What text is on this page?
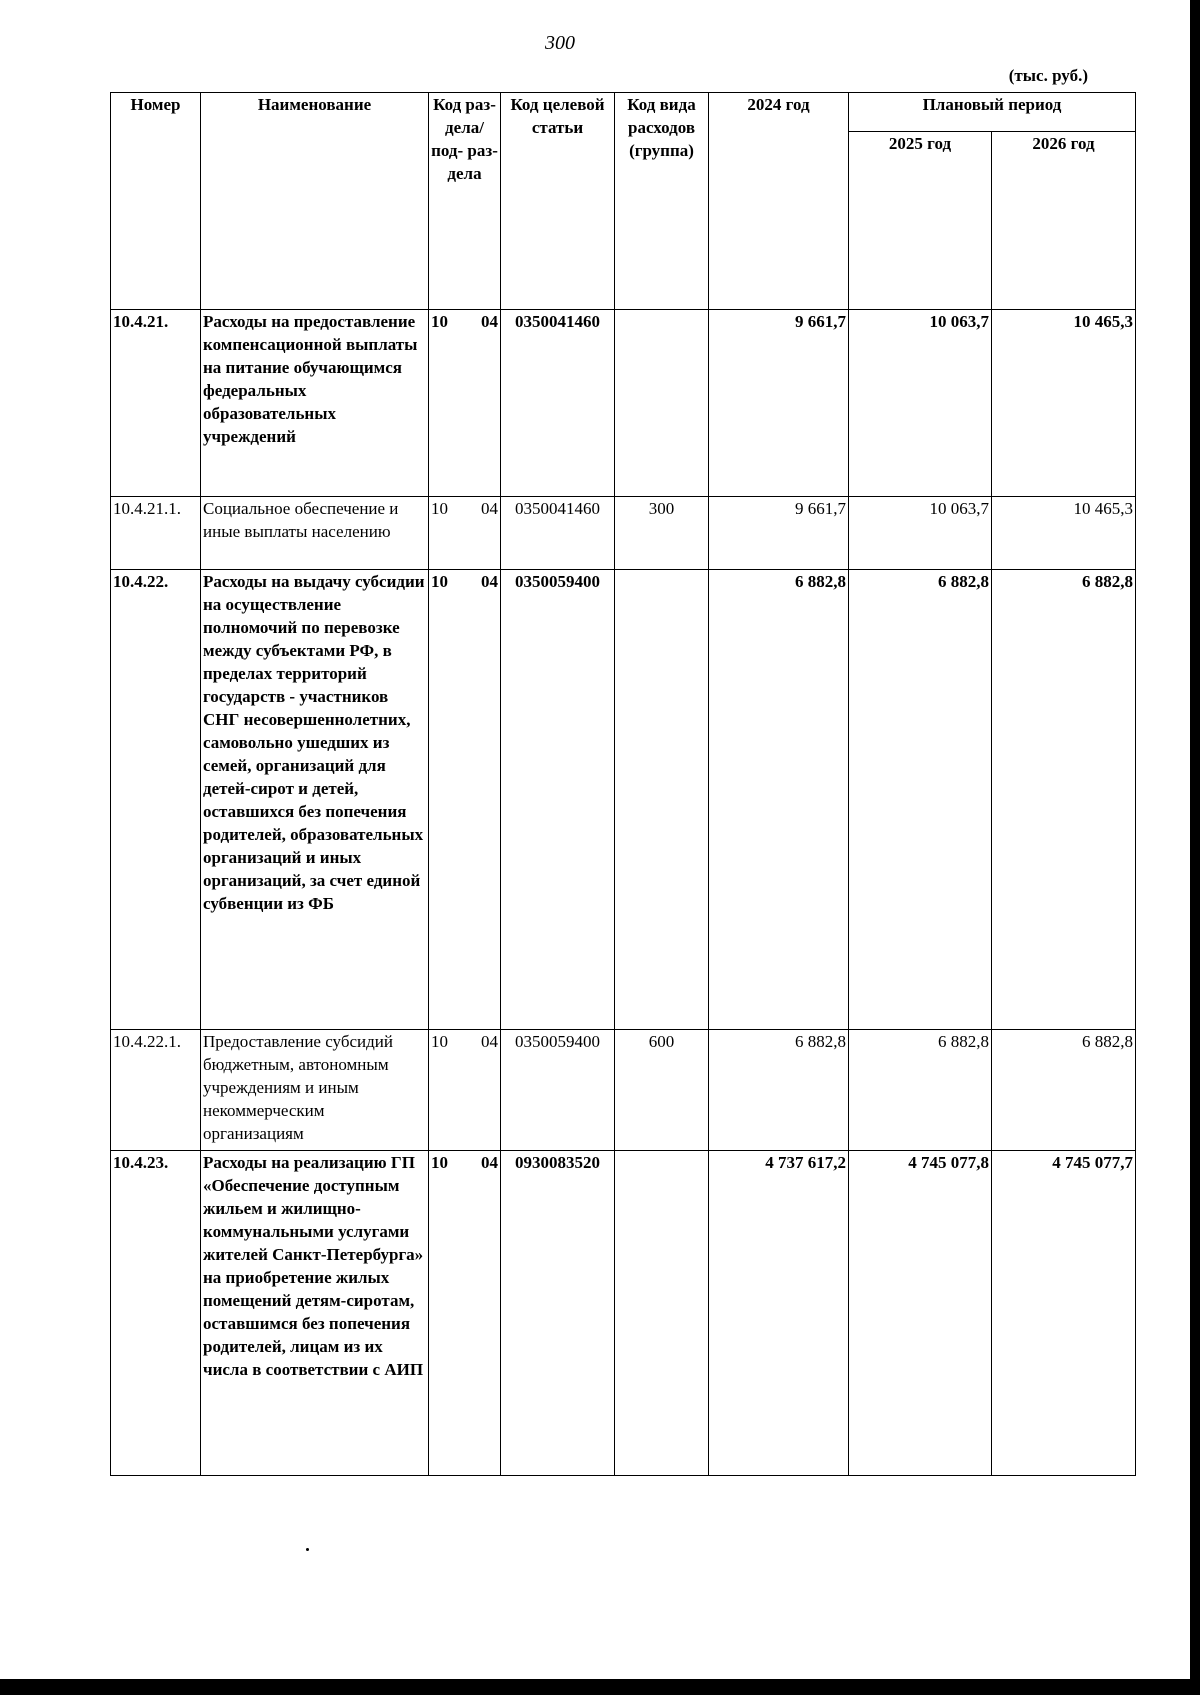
300
(тыс. руб.)
Номер	Наименование	Код раз- дела/ под- раз- дела	Код целевой статьи	Код вида расходов (группа)	2024 год	Плановый период	
						2025 год	2026 год
10.4.21.	Расходы на предоставление компенсационной выплаты на питание обучающимся федеральных образовательных учреждений	10 04	0350041460		9 661,7	10 063,7	10 465,3
10.4.21.1.	Социальное обеспечение и иные выплаты населению	10 04	0350041460	300	9 661,7	10 063,7	10 465,3
10.4.22.	Расходы на выдачу субсидии на осуществление полномочий по перевозке между субъектами РФ, в пределах территорий государств - участников СНГ несовершеннолетних, самовольно ушедших из семей, организаций для детей-сирот и детей, оставшихся без попечения родителей, образовательных организаций и иных организаций, за счет единой субвенции из ФБ	10 04	0350059400		6 882,8	6 882,8	6 882,8
10.4.22.1.	Предоставление субсидий бюджетным, автономным учреждениям и иным некоммерческим организациям	10 04	0350059400	600	6 882,8	6 882,8	6 882,8
10.4.23.	Расходы на реализацию ГП «Обеспечение доступным жильем и жилищно-коммунальными услугами жителей Санкт-Петербурга» на приобретение жилых помещений детям-сиротам, оставшимся без попечения родителей, лицам из их числа в соответствии с АИП	10 04	0930083520		4 737 617,2	4 745 077,8	4 745 077,7
